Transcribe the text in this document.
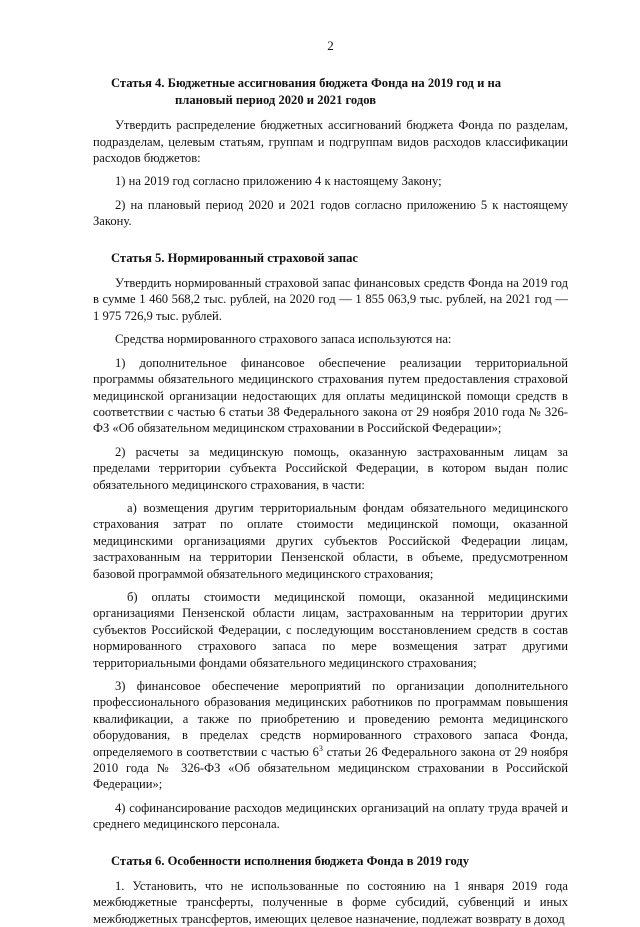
2
Статья 4. Бюджетные ассигнования бюджета Фонда на 2019 год и на
плановый период 2020 и 2021 годов

Утвердить распределение бюджетных ассигнований бюджета Фонда по разделам, подразделам, целевым статьям, группам и подгруппам видов расходов классификации расходов бюджетов:

1) на 2019 год согласно приложению 4 к настоящему Закону;

2) на плановый период 2020 и 2021 годов согласно приложению 5 к настоящему Закону.

Статья 5. Нормированный страховой запас

Утвердить нормированный страховой запас финансовых средств Фонда на 2019 год в сумме 1 460 568,2 тыс. рублей, на 2020 год — 1 855 063,9 тыс. рублей, на 2021 год — 1 975 726,9 тыс. рублей.

Средства нормированного страхового запаса используются на:

1) дополнительное финансовое обеспечение реализации территориальной программы обязательного медицинского страхования путем предоставления страховой медицинской организации недостающих для оплаты медицинской помощи средств в соответствии с частью 6 статьи 38 Федерального закона от 29 ноября 2010 года № 326-ФЗ «Об обязательном медицинском страховании в Российской Федерации»;

2) расчеты за медицинскую помощь, оказанную застрахованным лицам за пределами территории субъекта Российской Федерации, в котором выдан полис обязательного медицинского страхования, в части:

а) возмещения другим территориальным фондам обязательного медицинского страхования затрат по оплате стоимости медицинской помощи, оказанной медицинскими организациями других субъектов Российской Федерации лицам, застрахованным на территории Пензенской области, в объеме, предусмотренном базовой программой обязательного медицинского страхования;

б) оплаты стоимости медицинской помощи, оказанной медицинскими организациями Пензенской области лицам, застрахованным на территории других субъектов Российской Федерации, с последующим восстановлением средств в состав нормированного страхового запаса по мере возмещения затрат другими территориальными фондами обязательного медицинского страхования;

3) финансовое обеспечение мероприятий по организации дополнительного профессионального образования медицинских работников по программам повышения квалификации, а также по приобретению и проведению ремонта медицинского оборудования, в пределах средств нормированного страхового запаса Фонда, определяемого в соответствии с частью $6^3$ статьи 26 Федерального закона от 29 ноября 2010 года № 326-ФЗ «Об обязательном медицинском страховании в Российской Федерации»;

4) софинансирование расходов медицинских организаций на оплату труда врачей и среднего медицинского персонала.

Статья 6. Особенности исполнения бюджета Фонда в 2019 году

1. Установить, что не использованные по состоянию на 1 января 2019 года межбюджетные трансферты, полученные в форме субсидий, субвенций и иных межбюджетных трансфертов, имеющих целевое назначение, подлежат возврату в доход
